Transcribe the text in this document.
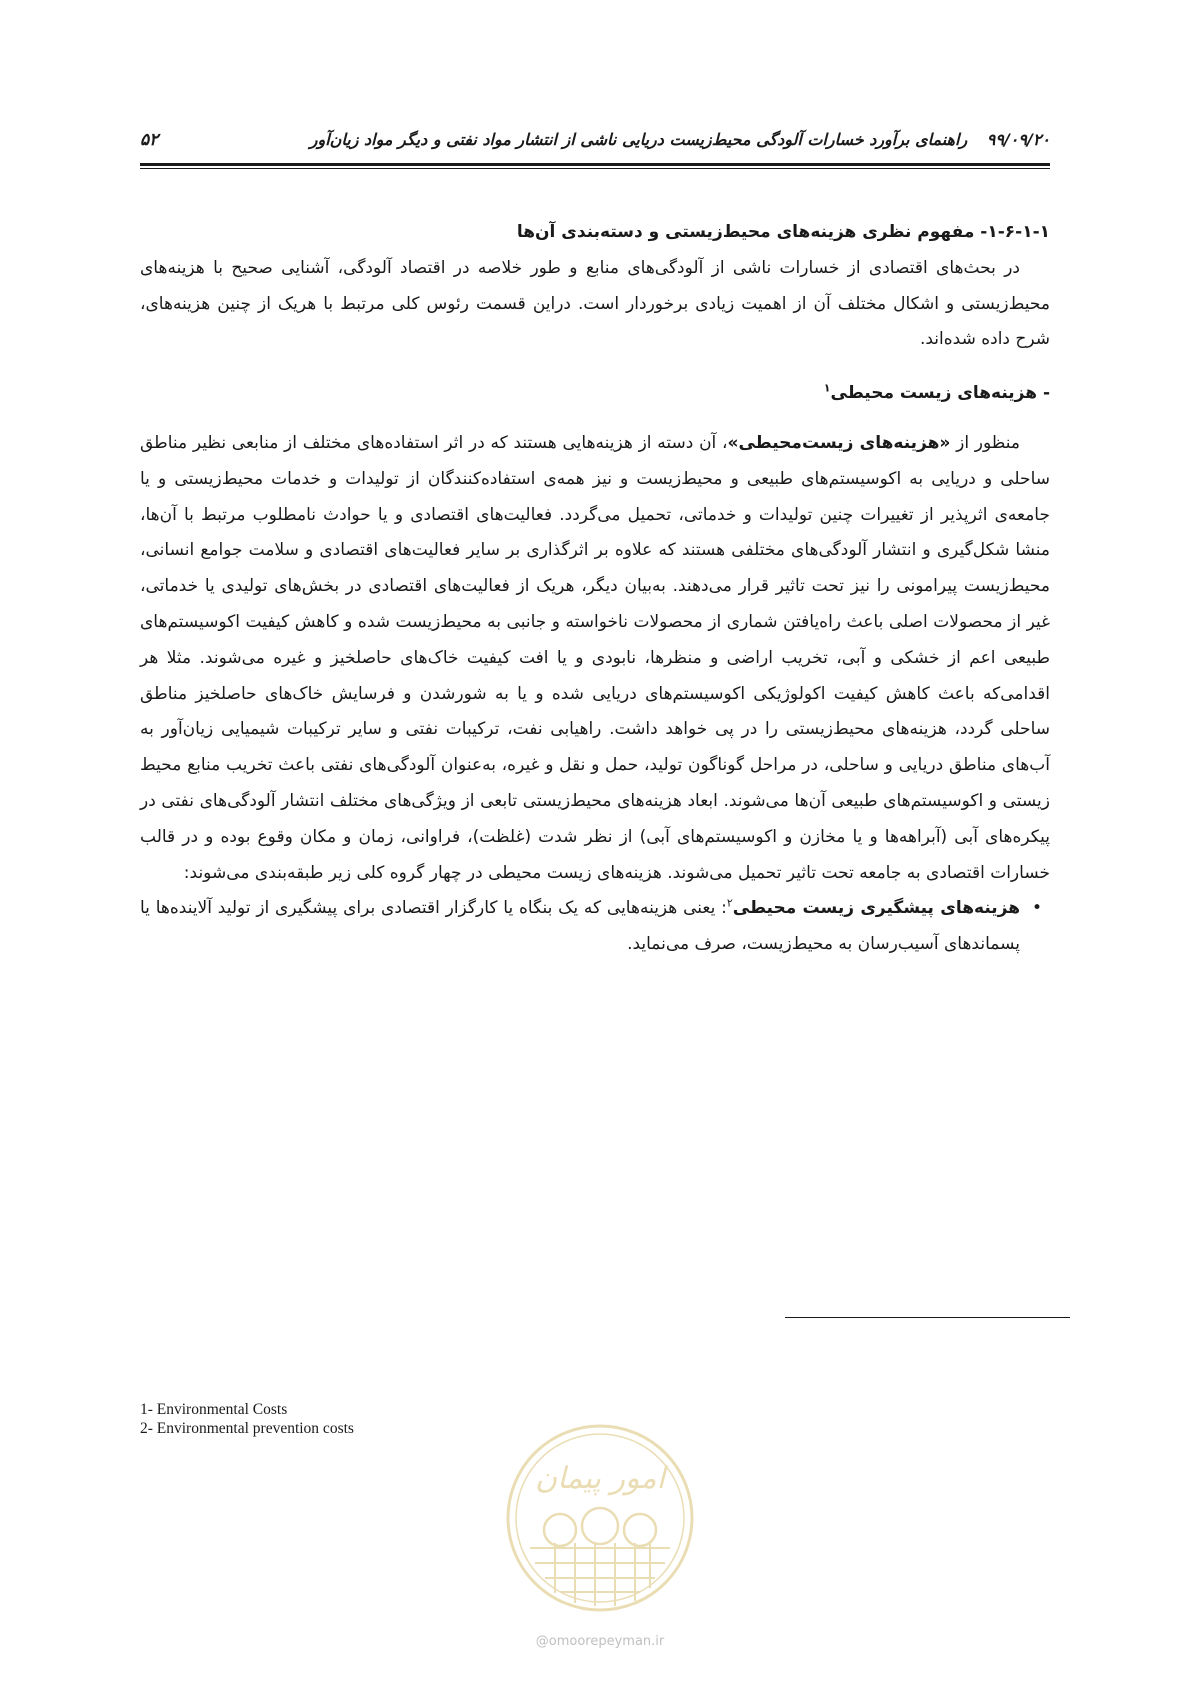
۹۹/۰۹/۲۰ راهنمای برآورد خسارات آلودگی محیط‌زیست دریایی ناشی از انتشار مواد نفتی و دیگر مواد زیان‌آور
۵۲

۱-۶-۱-۱- مفهوم نظری هزینه‌های محیط‌زیستی و دسته‌بندی آن‌ها

در بحث‌های اقتصادی از خسارات ناشی از آلودگی‌های منابع و طور خلاصه در اقتصاد آلودگی، آشنایی صحیح با هزینه‌های محیط‌زیستی و اشکال مختلف آن از اهمیت زیادی برخوردار است. دراین قسمت رئوس کلی مرتبط با هریک از چنین هزینه‌های، شرح داده شده‌اند.

- هزینه‌های زیست محیطی$^۱$

منظور از «هزینه‌های زیست‌محیطی»، آن دسته از هزینه‌هایی هستند که در اثر استفاده‌های مختلف از منابعی نظیر مناطق ساحلی و دریایی به اکوسیستم‌های طبیعی و محیط‌زیست و نیز همه‌ی استفاده‌کنندگان از تولیدات و خدمات محیط‌زیستی و یا جامعه‌ی اثرپذیر از تغییرات چنین تولیدات و خدماتی، تحمیل می‌گردد. فعالیت‌های اقتصادی و یا حوادث نامطلوب مرتبط با آن‌ها، منشا شکل‌گیری و انتشار آلودگی‌های مختلفی هستند که علاوه بر اثرگذاری بر سایر فعالیت‌های اقتصادی و سلامت جوامع انسانی، محیط‌زیست پیرامونی را نیز تحت تاثیر قرار می‌دهند. به‌بیان دیگر، هریک از فعالیت‌های اقتصادی در بخش‌های تولیدی یا خدماتی، غیر از محصولات اصلی باعث راه‌یافتن شماری از محصولات ناخواسته و جانبی به محیط‌زیست شده و کاهش کیفیت اکوسیستم‌های طبیعی اعم از خشکی و آبی، تخریب اراضی و منظرها، نابودی و یا افت کیفیت خاک‌های حاصلخیز و غیره می‌شوند. مثلا هر اقدامی‌که باعث کاهش کیفیت اکولوژیکی اکوسیستم‌های دریایی شده و یا به شورشدن و فرسایش خاک‌های حاصلخیز مناطق ساحلی گردد، هزینه‌های محیط‌زیستی را در پی خواهد داشت. راهیابی نفت، ترکیبات نفتی و سایر ترکیبات شیمیایی زیان‌آور به آب‌های مناطق دریایی و ساحلی، در مراحل گوناگون تولید، حمل و نقل و غیره، به‌عنوان آلودگی‌های نفتی باعث تخریب منابع محیط زیستی و اکوسیستم‌های طبیعی آن‌ها می‌شوند. ابعاد هزینه‌های محیط‌زیستی تابعی از ویژگی‌های مختلف انتشار آلودگی‌های نفتی در پیکره‌های آبی (آبراهه‌ها و یا مخازن و اکوسیستم‌های آبی) از نظر شدت (غلظت)، فراوانی، زمان و مکان وقوع بوده و در قالب خسارات اقتصادی به جامعه تحت تاثیر تحمیل می‌شوند. هزینه‌های زیست محیطی در چهار گروه کلی زیر طبقه‌بندی می‌شوند:

•
هزینه‌های پیشگیری زیست محیطی$^۲$: یعنی هزینه‌هایی که یک بنگاه یا کارگزار اقتصادی برای پیشگیری از تولید آلاینده‌ها یا پسماندهای آسیب‌رسان به محیط‌زیست، صرف می‌نماید.
1- Environmental Costs
2- Environmental prevention costs
امور پیمان
@omoorepeyman.ir
